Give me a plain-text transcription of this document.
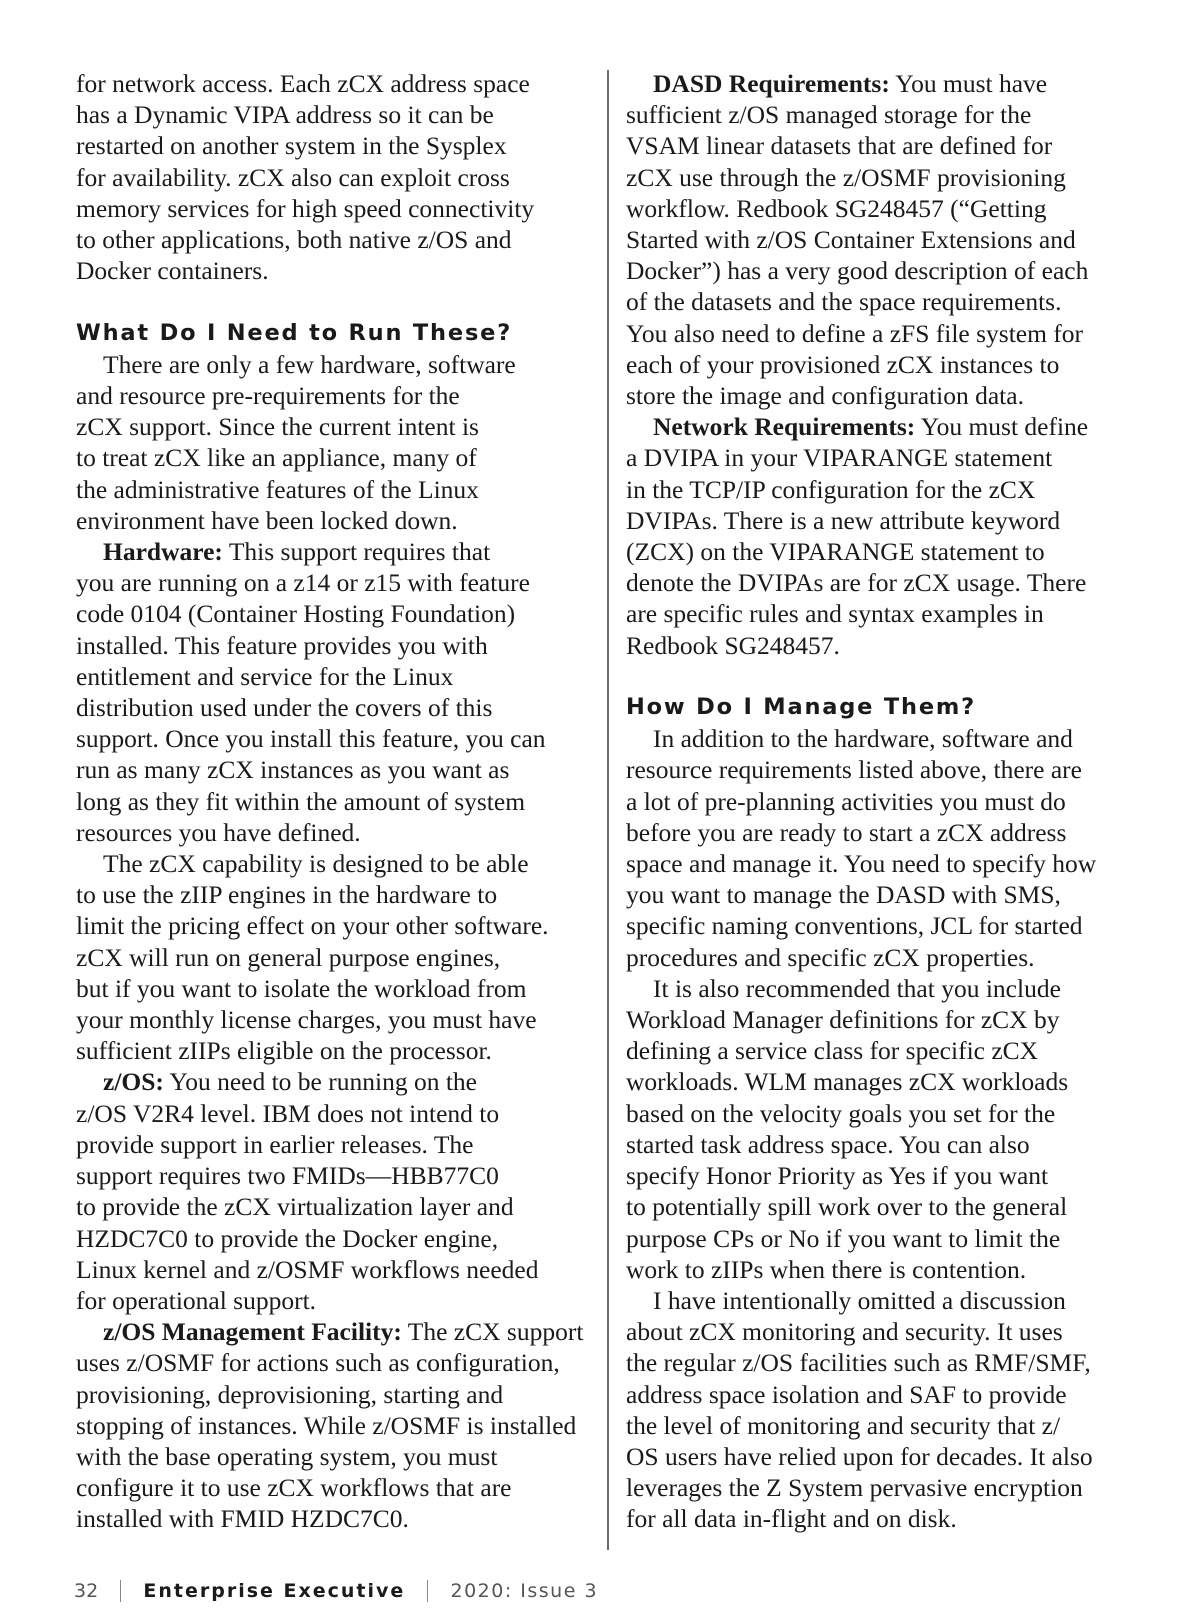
for network access. Each zCX address space
has a Dynamic VIPA address so it can be
restarted on another system in the Sysplex
for availability. zCX also can exploit cross
memory services for high speed connectivity
to other applications, both native z/OS and
Docker containers.
What Do I Need to Run These?
There are only a few hardware, software
and resource pre-requirements for the
zCX support. Since the current intent is
to treat zCX like an appliance, many of
the administrative features of the Linux
environment have been locked down.
Hardware: This support requires that
you are running on a z14 or z15 with feature
code 0104 (Container Hosting Foundation)
installed. This feature provides you with
entitlement and service for the Linux
distribution used under the covers of this
support. Once you install this feature, you can
run as many zCX instances as you want as
long as they fit within the amount of system
resources you have defined.
The zCX capability is designed to be able
to use the zIIP engines in the hardware to
limit the pricing effect on your other software.
zCX will run on general purpose engines,
but if you want to isolate the workload from
your monthly license charges, you must have
sufficient zIIPs eligible on the processor.
z/OS: You need to be running on the
z/OS V2R4 level. IBM does not intend to
provide support in earlier releases. The
support requires two FMIDs—HBB77C0
to provide the zCX virtualization layer and
HZDC7C0 to provide the Docker engine,
Linux kernel and z/OSMF workflows needed
for operational support.
z/OS Management Facility: The zCX support
uses z/OSMF for actions such as configuration,
provisioning, deprovisioning, starting and
stopping of instances. While z/OSMF is installed
with the base operating system, you must
configure it to use zCX workflows that are
installed with FMID HZDC7C0.
DASD Requirements: You must have
sufficient z/OS managed storage for the
VSAM linear datasets that are defined for
zCX use through the z/OSMF provisioning
workflow. Redbook SG248457 (“Getting
Started with z/OS Container Extensions and
Docker”) has a very good description of each
of the datasets and the space requirements.
You also need to define a zFS file system for
each of your provisioned zCX instances to
store the image and configuration data.
Network Requirements: You must define
a DVIPA in your VIPARANGE statement
in the TCP/IP configuration for the zCX
DVIPAs. There is a new attribute keyword
(ZCX) on the VIPARANGE statement to
denote the DVIPAs are for zCX usage. There
are specific rules and syntax examples in
Redbook SG248457.
How Do I Manage Them?
In addition to the hardware, software and
resource requirements listed above, there are
a lot of pre-planning activities you must do
before you are ready to start a zCX address
space and manage it. You need to specify how
you want to manage the DASD with SMS,
specific naming conventions, JCL for started
procedures and specific zCX properties.
It is also recommended that you include
Workload Manager definitions for zCX by
defining a service class for specific zCX
workloads. WLM manages zCX workloads
based on the velocity goals you set for the
started task address space. You can also
specify Honor Priority as Yes if you want
to potentially spill work over to the general
purpose CPs or No if you want to limit the
work to zIIPs when there is contention.
I have intentionally omitted a discussion
about zCX monitoring and security. It uses
the regular z/OS facilities such as RMF/SMF,
address space isolation and SAF to provide
the level of monitoring and security that z/
OS users have relied upon for decades. It also
leverages the Z System pervasive encryption
for all data in-flight and on disk.
32 Enterprise Executive 2020: Issue 3
